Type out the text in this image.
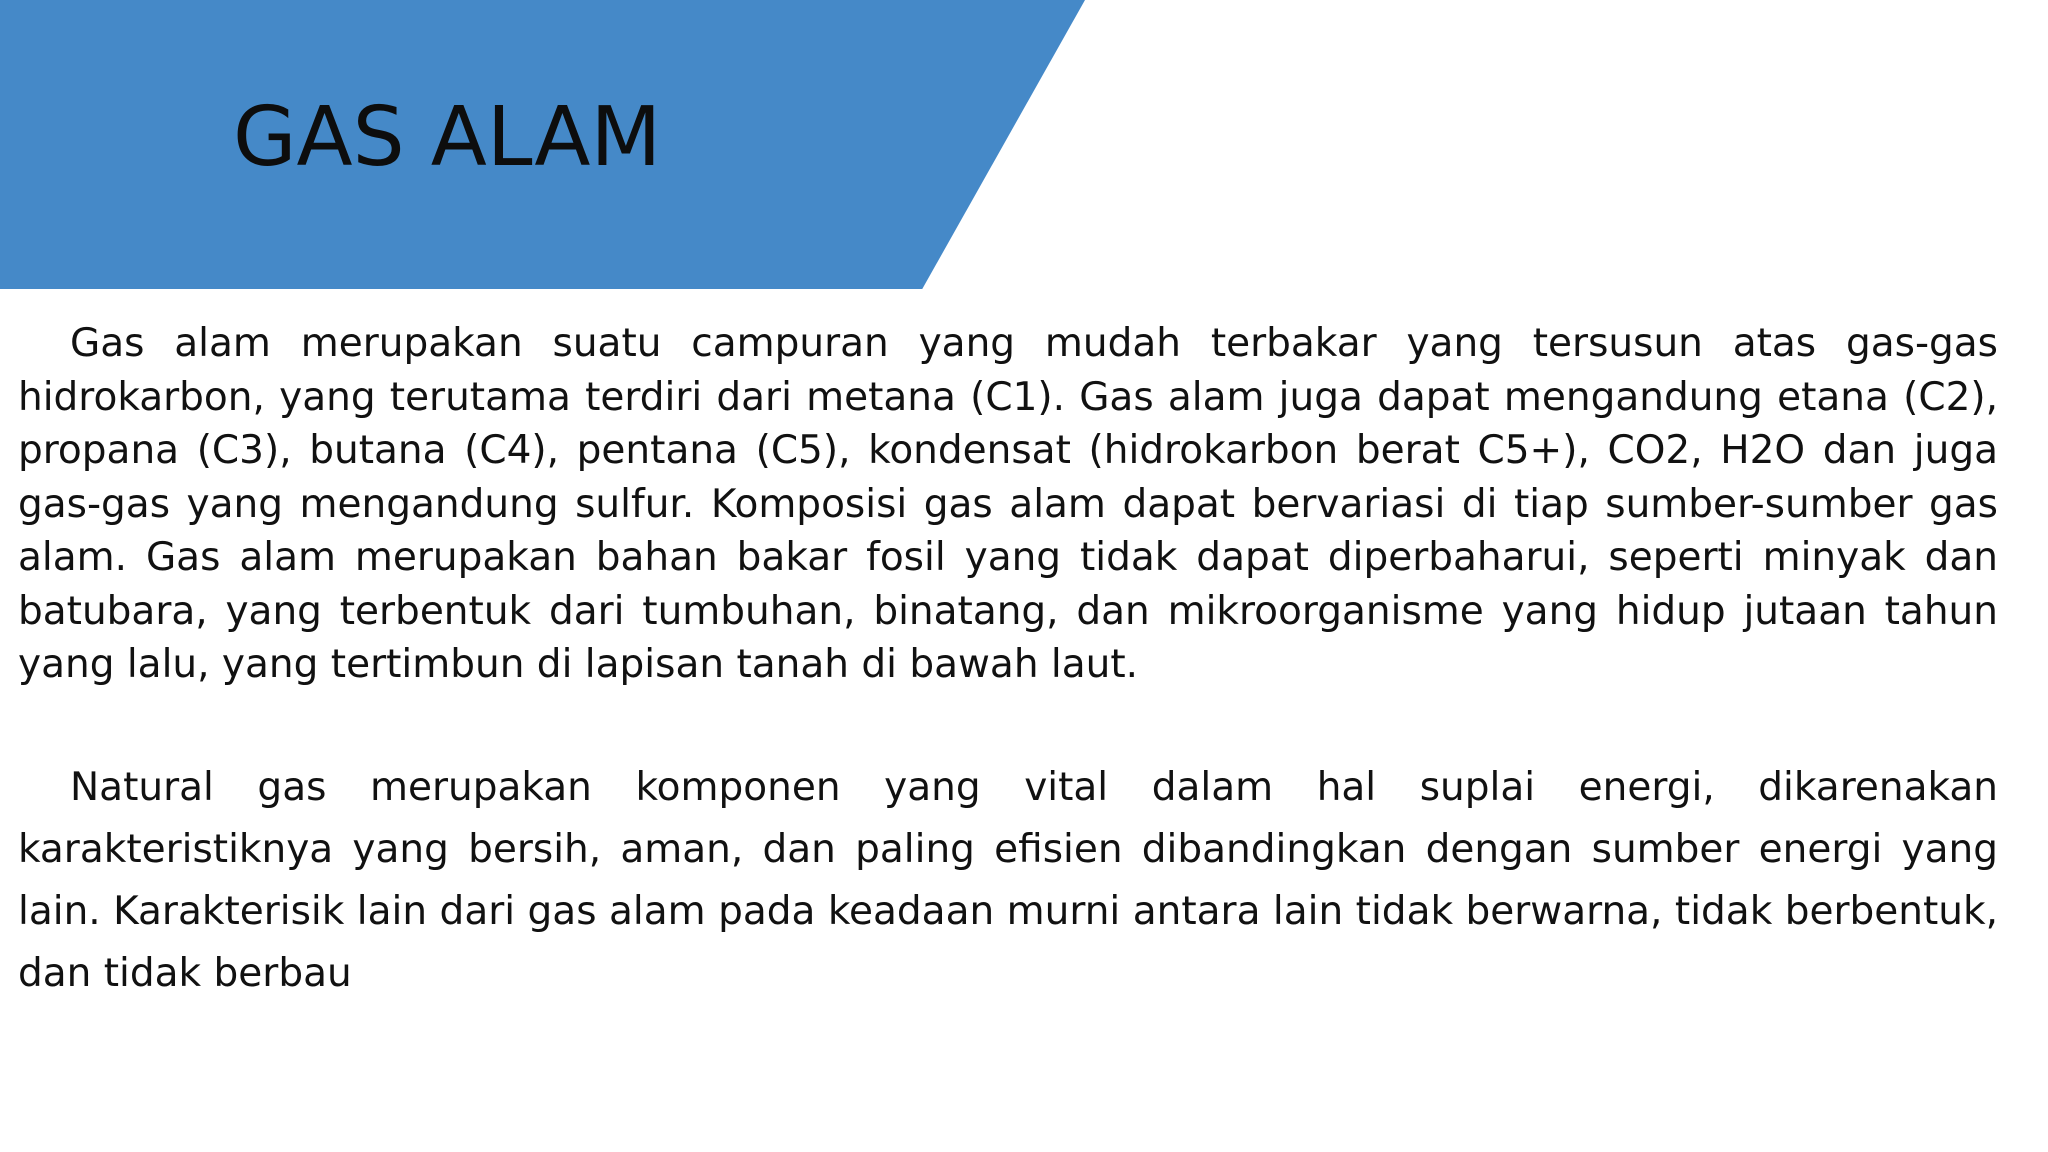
GAS ALAM

Gas alam merupakan suatu campuran yang mudah terbakar yang tersusun atas gas-gas hidrokarbon, yang terutama terdiri dari metana (C1). Gas alam juga dapat mengandung etana (C2), propana (C3), butana (C4), pentana (C5), kondensat (hidrokarbon berat C5+), CO2, H2O dan juga gas-gas yang mengandung sulfur. Komposisi gas alam dapat bervariasi di tiap sumber-sumber gas alam. Gas alam merupakan bahan bakar fosil yang tidak dapat diperbaharui, seperti minyak dan batubara, yang terbentuk dari tumbuhan, binatang, dan mikroorganisme yang hidup jutaan tahun yang lalu, yang tertimbun di lapisan tanah di bawah laut.

Natural gas merupakan komponen yang vital dalam hal suplai energi, dikarenakan karakteristiknya yang bersih, aman, dan paling efisien dibandingkan dengan sumber energi yang lain. Karakterisik lain dari gas alam pada keadaan murni antara lain tidak berwarna, tidak berbentuk, dan tidak berbau
